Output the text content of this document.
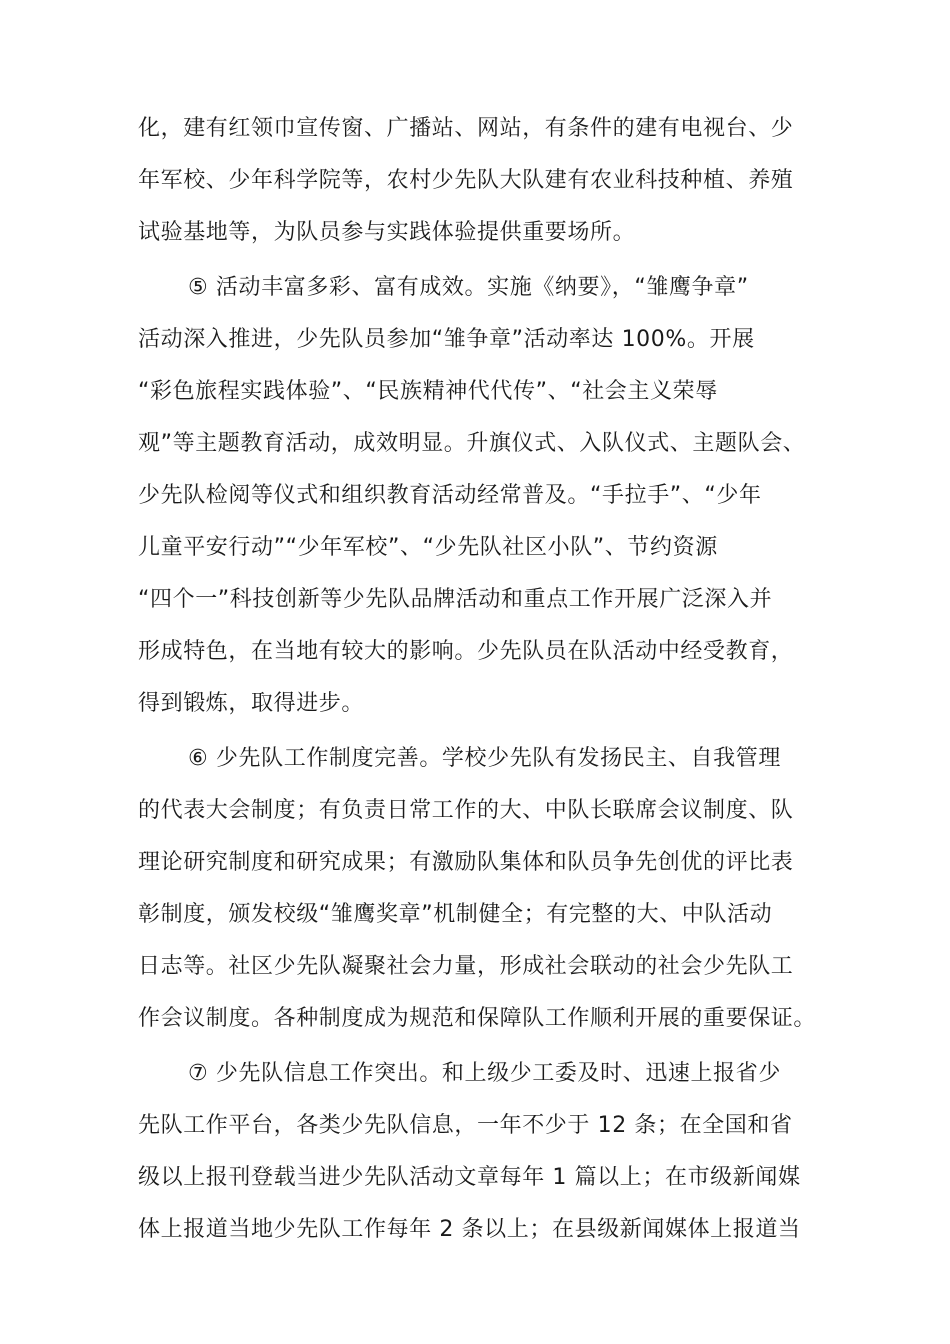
化，建有红领巾宣传窗、广播站、网站，有条件的建有电视台、少
年军校、少年科学院等，农村少先队大队建有农业科技种植、养殖
试验基地等，为队员参与实践体验提供重要场所。
⑤ 活动丰富多彩、富有成效。实施《纳要》，“雏鹰争章”
活动深入推进，少先队员参加“雏争章”活动率达 100%。开展
“彩色旅程实践体验”、“民族精神代代传”、“社会主义荣辱
观”等主题教育活动，成效明显。升旗仪式、入队仪式、主题队会、
少先队检阅等仪式和组织教育活动经常普及。“手拉手”、“少年
儿童平安行动”“少年军校”、“少先队社区小队”、节约资源
“四个一”科技创新等少先队品牌活动和重点工作开展广泛深入并
形成特色，在当地有较大的影响。少先队员在队活动中经受教育，
得到锻炼，取得进步。
⑥ 少先队工作制度完善。学校少先队有发扬民主、自我管理
的代表大会制度；有负责日常工作的大、中队长联席会议制度、队
理论研究制度和研究成果；有激励队集体和队员争先创优的评比表
彰制度，颁发校级“雏鹰奖章”机制健全；有完整的大、中队活动
日志等。社区少先队凝聚社会力量，形成社会联动的社会少先队工
作会议制度。各种制度成为规范和保障队工作顺利开展的重要保证。
⑦ 少先队信息工作突出。和上级少工委及时、迅速上报省少
先队工作平台，各类少先队信息，一年不少于 12 条；在全国和省
级以上报刊登载当进少先队活动文章每年 1 篇以上；在市级新闻媒
体上报道当地少先队工作每年 2 条以上；在县级新闻媒体上报道当
